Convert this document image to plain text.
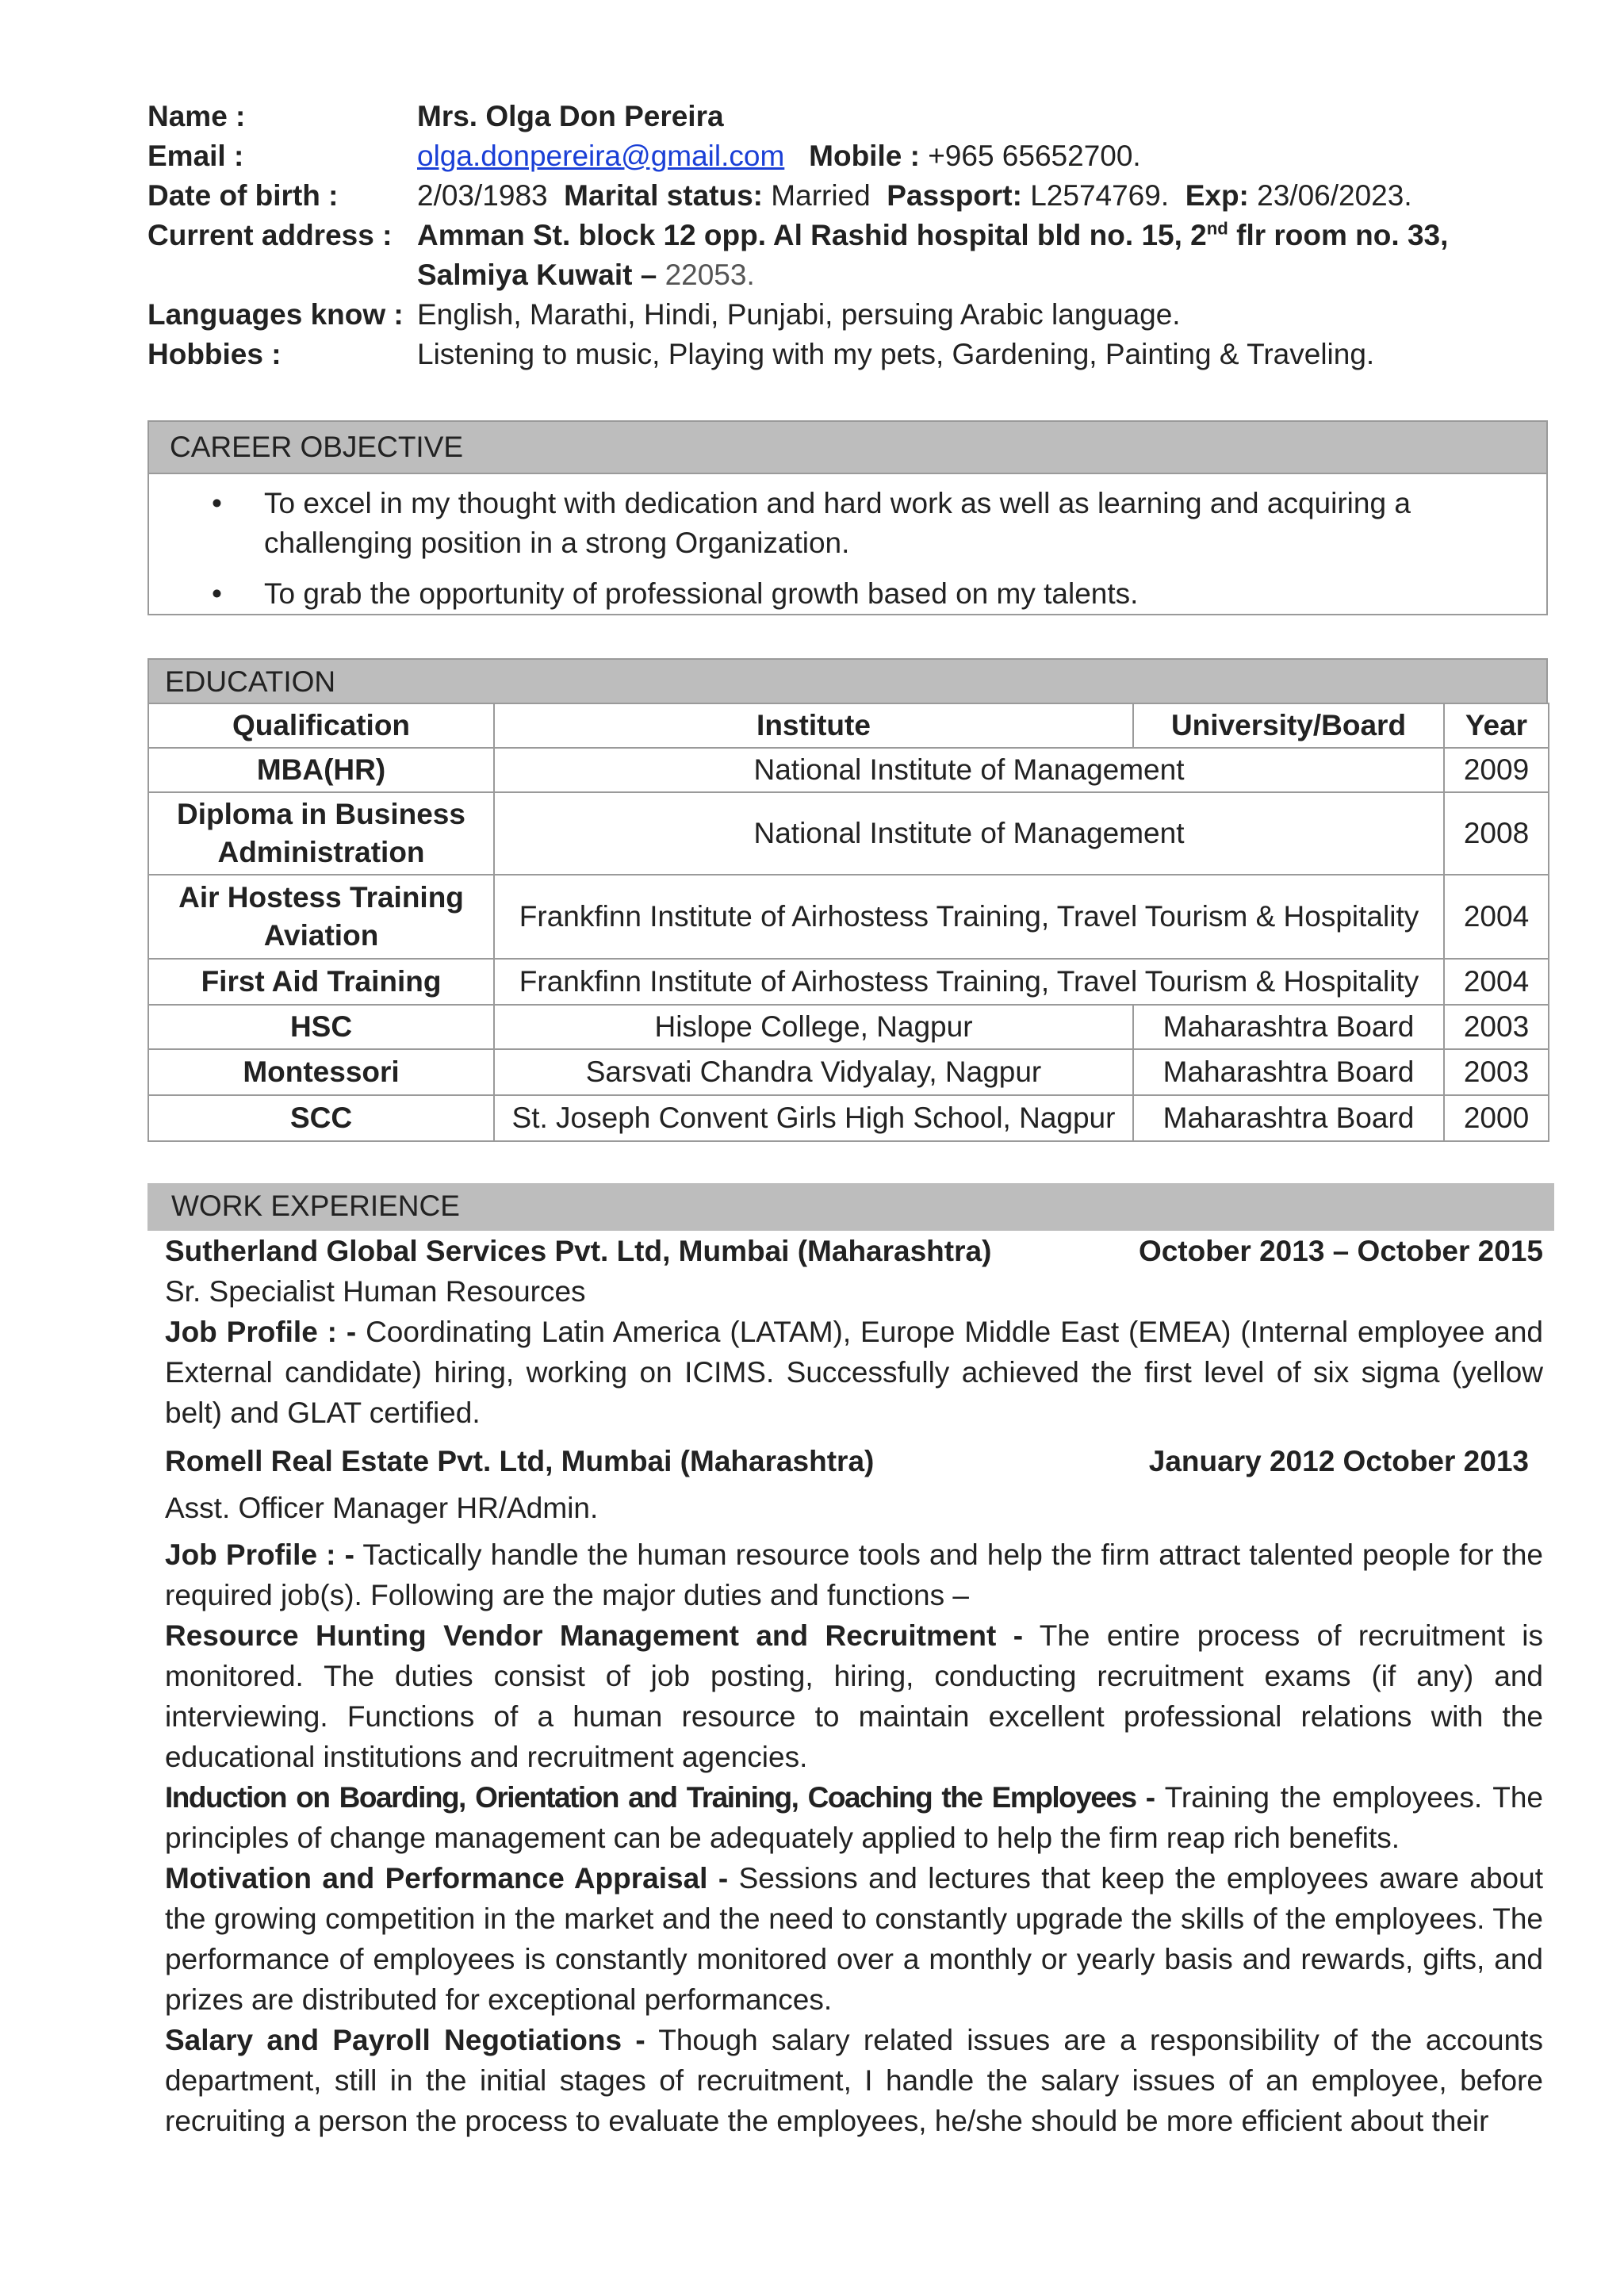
Name :	Mrs. Olga Don Pereira
Email :	olga.donpereira@gmail.com Mobile : +965 65652700.
Date of birth :	2/03/1983 Marital status: Married Passport: L2574769. Exp: 23/06/2023.
Current address : Amman St. block 12 opp. Al Rashid hospital bld no. 15, 2nd flr room no. 33,
Salmiya Kuwait – 22053.
Languages know : English, Marathi, Hindi, Punjabi, persuing Arabic language.
Hobbies :	Listening to music, Playing with my pets, Gardening, Painting & Traveling.
CAREER OBJECTIVE
• To excel in my thought with dedication and hard work as well as learning and acquiring a
challenging position in a strong Organization.
• To grab the opportunity of professional growth based on my talents.
EDUCATION
Qualification	Institute	University/Board	Year
MBA(HR)	National Institute of Management		2009
Diploma in Business Administration	National Institute of Management		2008
Air Hostess Training Aviation	Frankfinn Institute of Airhostess Training, Travel Tourism & Hospitality		2004
First Aid Training	Frankfinn Institute of Airhostess Training, Travel Tourism & Hospitality		2004
HSC	Hislope College, Nagpur	Maharashtra Board	2003
Montessori	Sarsvati Chandra Vidyalay, Nagpur	Maharashtra Board	2003
SCC	St. Joseph Convent Girls High School, Nagpur	Maharashtra Board	2000
WORK EXPERIENCE
Sutherland Global Services Pvt. Ltd, Mumbai (Maharashtra)	October 2013 – October 2015
Sr. Specialist Human Resources
Job Profile : - Coordinating Latin America (LATAM), Europe Middle East (EMEA) (Internal employee and External candidate) hiring, working on ICIMS. Successfully achieved the first level of six sigma (yellow belt) and GLAT certified.
Romell Real Estate Pvt. Ltd, Mumbai (Maharashtra)	January 2012 October 2013
Asst. Officer Manager HR/Admin.
Job Profile : - Tactically handle the human resource tools and help the firm attract talented people for the required job(s). Following are the major duties and functions –
Resource Hunting Vendor Management and Recruitment - The entire process of recruitment is monitored. The duties consist of job posting, hiring, conducting recruitment exams (if any) and interviewing. Functions of a human resource to maintain excellent professional relations with the educational institutions and recruitment agencies.
Induction on Boarding, Orientation and Training, Coaching the Employees - Training the employees. The principles of change management can be adequately applied to help the firm reap rich benefits.
Motivation and Performance Appraisal - Sessions and lectures that keep the employees aware about the growing competition in the market and the need to constantly upgrade the skills of the employees. The performance of employees is constantly monitored over a monthly or yearly basis and rewards, gifts, and prizes are distributed for exceptional performances.
Salary and Payroll Negotiations - Though salary related issues are a responsibility of the accounts department, still in the initial stages of recruitment, I handle the salary issues of an employee, before recruiting a person the process to evaluate the employees, he/she should be more efficient about their
